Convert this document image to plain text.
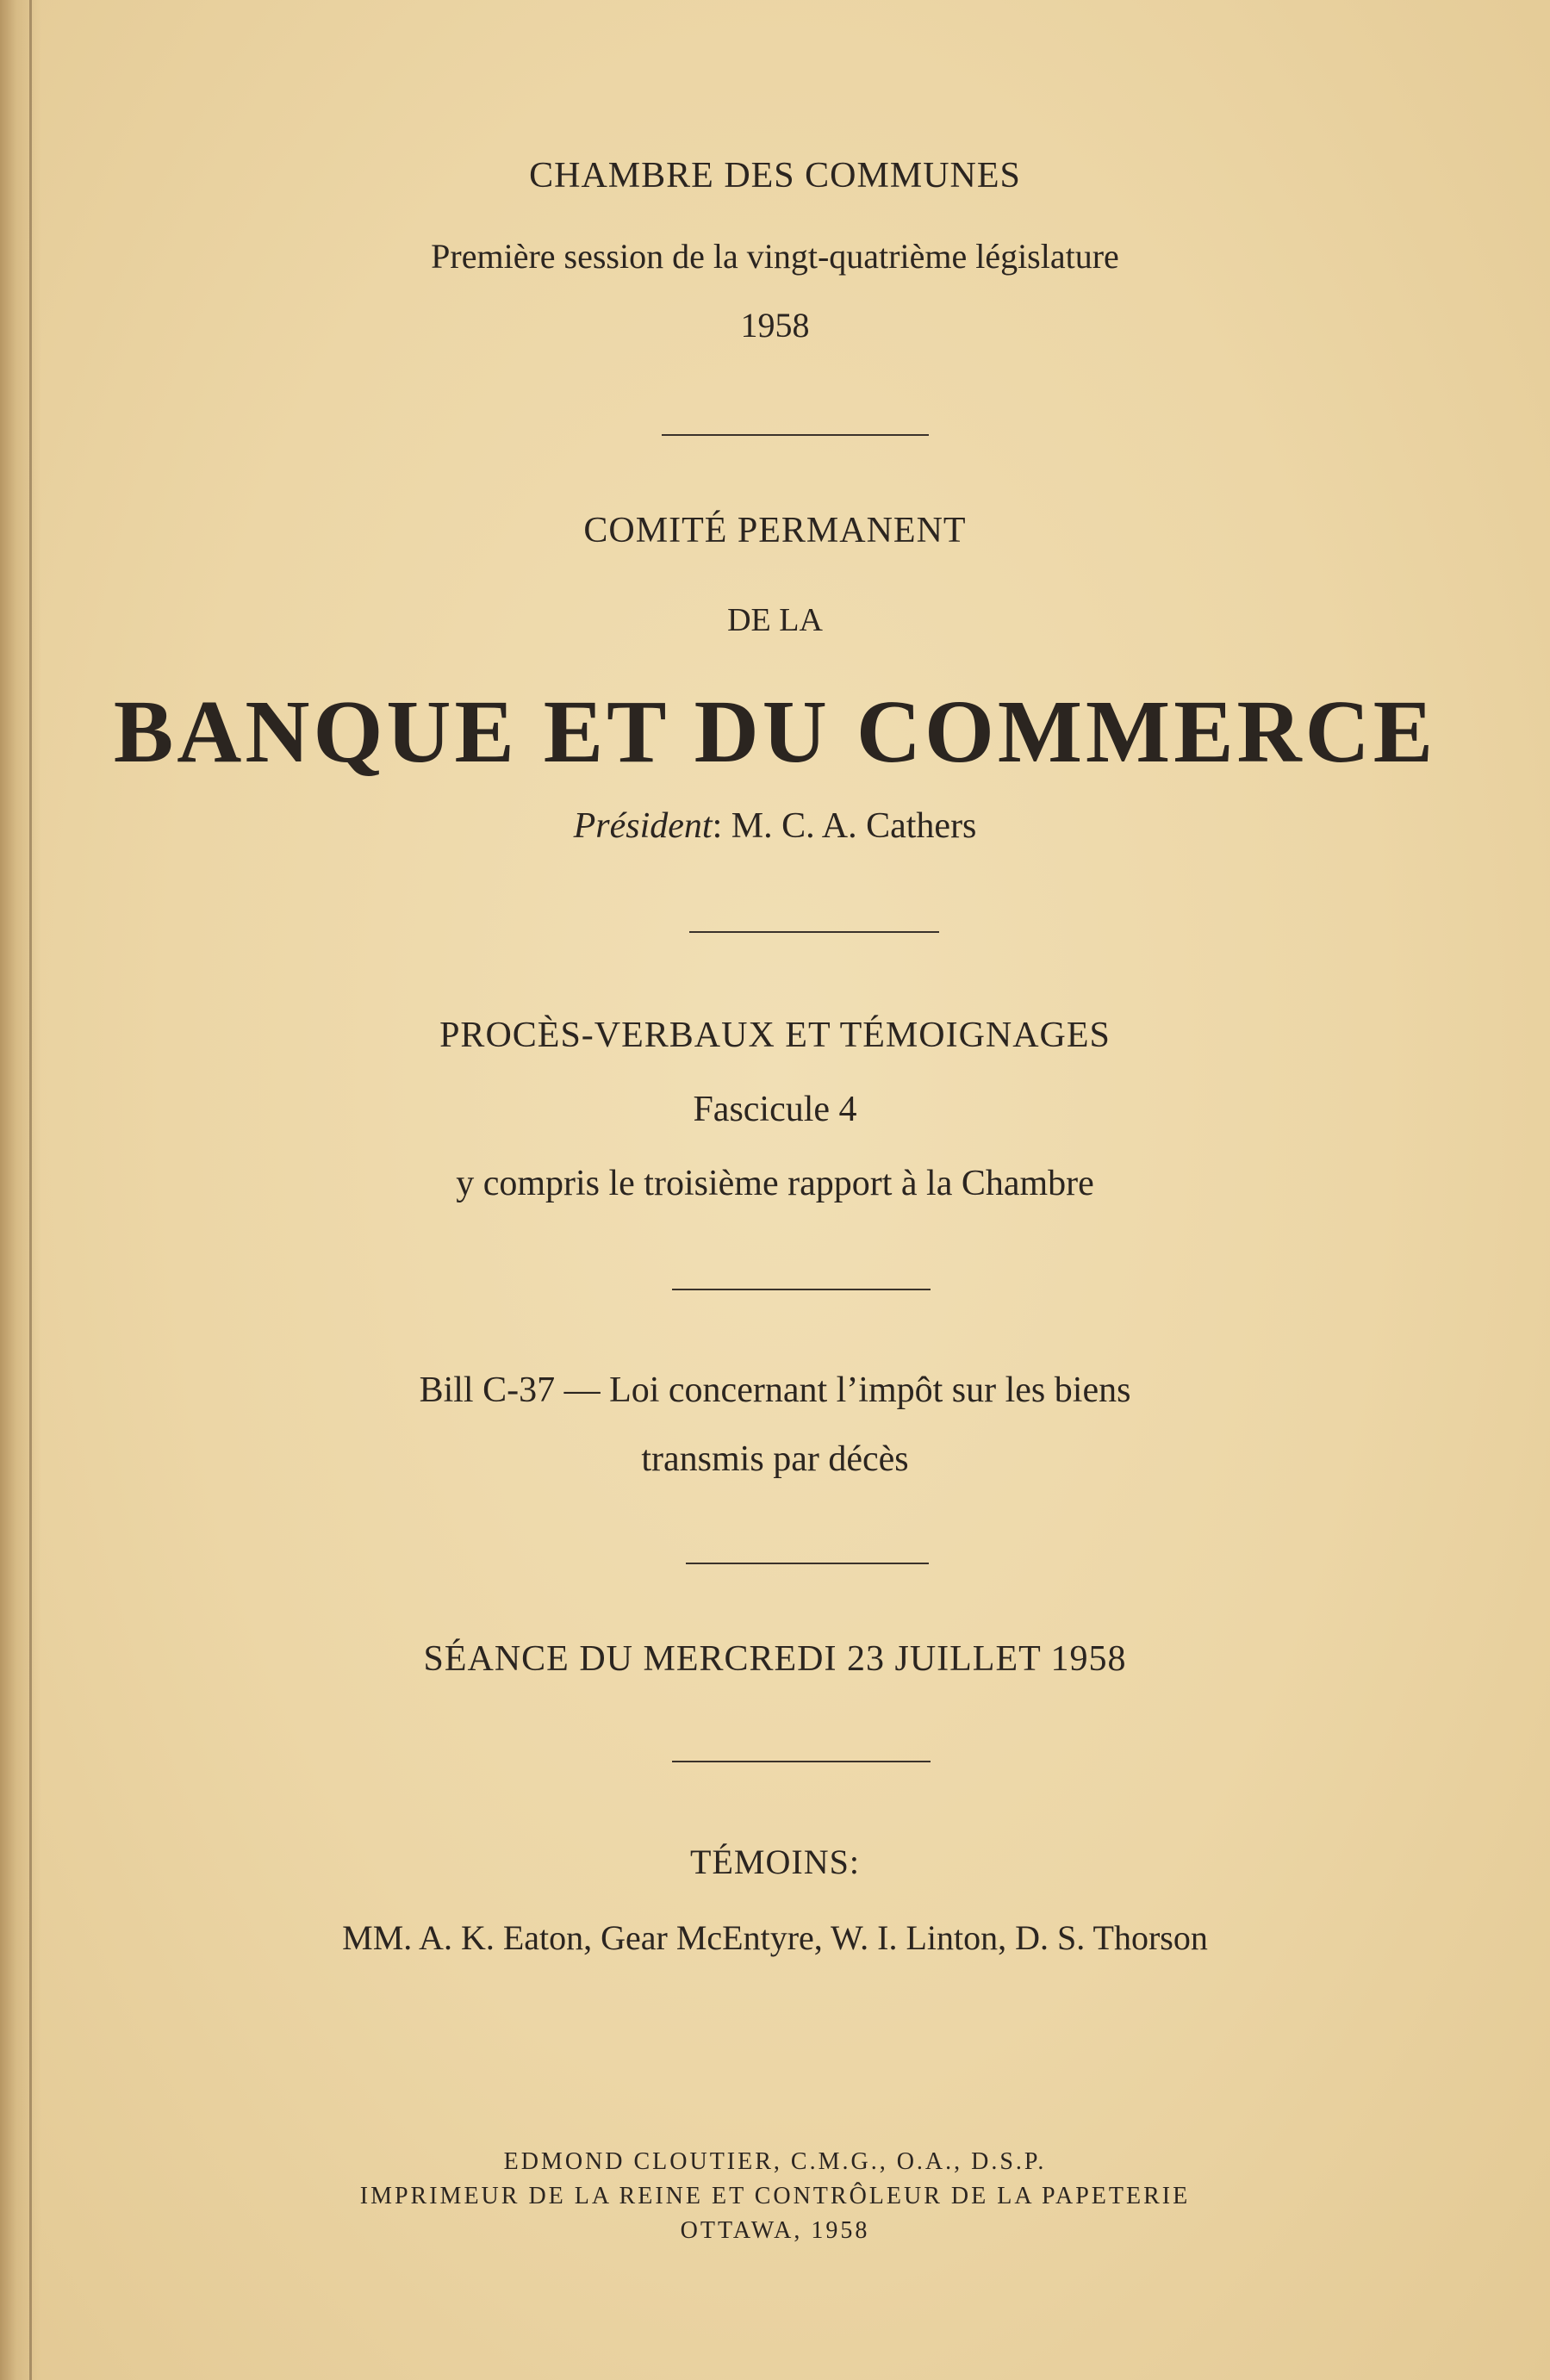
CHAMBRE DES COMMUNES
Première session de la vingt-quatrième législature
1958
COMITÉ PERMANENT
DE LA
BANQUE ET DU COMMERCE
Président: M. C. A. Cathers
PROCÈS-VERBAUX ET TÉMOIGNAGES
Fascicule 4
y compris le troisième rapport à la Chambre
Bill C-37 — Loi concernant l’impôt sur les biens
transmis par décès
SÉANCE DU MERCREDI 23 JUILLET 1958
TÉMOINS:
MM. A. K. Eaton, Gear McEntyre, W. I. Linton, D. S. Thorson
EDMOND CLOUTIER, C.M.G., O.A., D.S.P.
IMPRIMEUR DE LA REINE ET CONTRÔLEUR DE LA PAPETERIE
OTTAWA, 1958
